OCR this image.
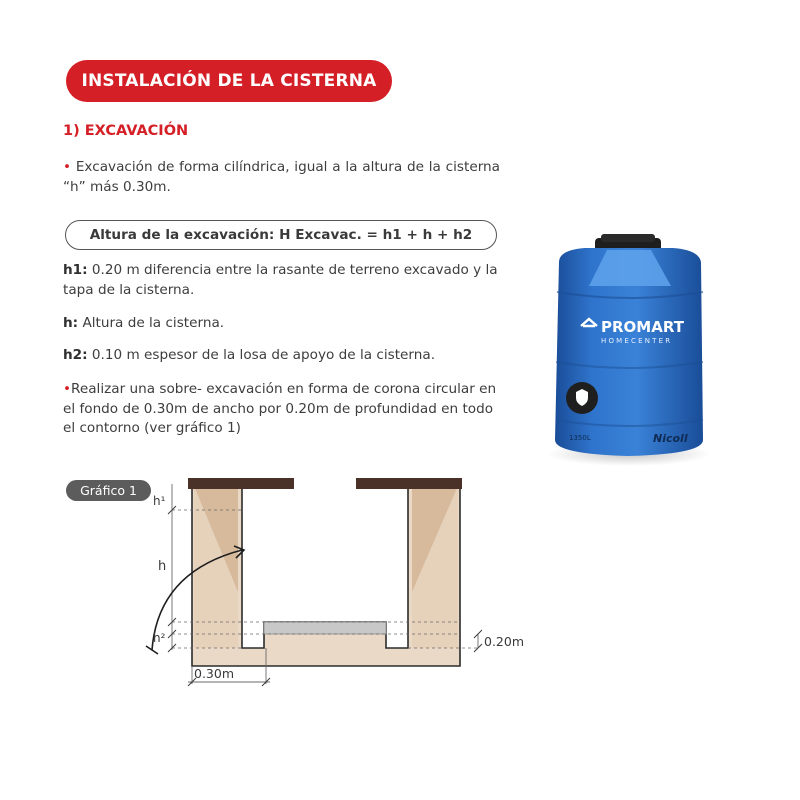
INSTALACIÓN DE LA CISTERNA
1) EXCAVACIÓN
• Excavación de forma cilíndrica, igual a la altura de la cisterna “h” más 0.30m.
Altura de la excavación: H Excavac. = h1 + h + h2
h1: 0.20 m diferencia entre la rasante de terreno excavado y la tapa de la cisterna.
h: Altura de la cisterna.
h2: 0.10 m espesor de la losa de apoyo de la cisterna.
•Realizar una sobre- excavación en forma de corona circular en el fondo de 0.30m de ancho por 0.20m de profundidad en todo el contorno (ver gráfico 1)
PROMART
HOMECENTER
1350L	Nicoll
Gráfico 1
h¹
h
h²	0.20m
0.30m
